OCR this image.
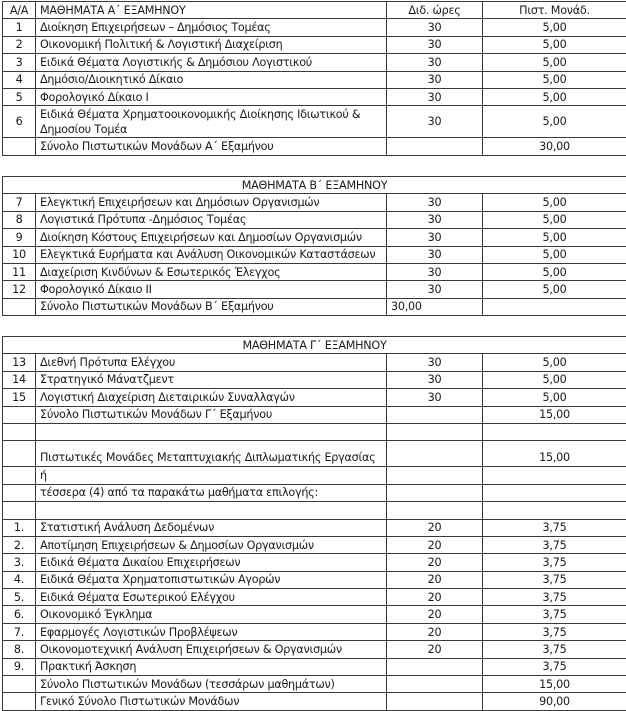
Α/Α	ΜΑΘΗΜΑΤΑ Α΄ ΕΞΑΜΗΝΟΥ	Διδ. ώρες	Πιστ. Μονάδ.
1	Διοίκηση Επιχειρήσεων – Δημόσιος Τομέας	30	5,00
2	Οικονομική Πολιτική & Λογιστική Διαχείριση	30	5,00
3	Ειδικά Θέματα Λογιστικής & Δημόσιου Λογιστικού	30	5,00
4	Δημόσιο/Διοικητικό Δίκαιο	30	5,00
5	Φορολογικό Δίκαιο Ι	30	5,00
6	Ειδικά Θέματα Χρηματοοικονομικής Διοίκησης Ιδιωτικού & Δημοσίου Τομέα	30	5,00
	Σύνολο Πιστωτικών Μονάδων Α΄ Εξαμήνου		30,00
ΜΑΘΗΜΑΤΑ Β΄ ΕΞΑΜΗΝΟΥ			
7	Ελεγκτική Επιχειρήσεων και Δημόσιων Οργανισμών	30	5,00
8	Λογιστικά Πρότυπα -Δημόσιος Τομέας	30	5,00
9	Διοίκηση Κόστους Επιχειρήσεων και Δημοσίων Οργανισμών	30	5,00
10	Ελεγκτικά Ευρήματα και Ανάλυση Οικονομικών Καταστάσεων	30	5,00
11	Διαχείριση Κινδύνων & Εσωτερικός Έλεγχος	30	5,00
12	Φορολογικό Δίκαιο ΙΙ	30	5,00
	Σύνολο Πιστωτικών Μονάδων Β΄ Εξαμήνου	30,00	
ΜΑΘΗΜΑΤΑ Γ΄ ΕΞΑΜΗΝΟΥ			
13	Διεθνή Πρότυπα Ελέγχου	30	5,00
14	Στρατηγικό Μάνατζμεντ	30	5,00
15	Λογιστική Διαχείριση Διεταιρικών Συναλλαγών	30	5,00
	Σύνολο Πιστωτικών Μονάδων Γ΄ Εξαμήνου		15,00

	Πιστωτικές Μονάδες Μεταπτυχιακής Διπλωματικής Εργασίας		15,00
	ή		
	τέσσερα (4) από τα παρακάτω μαθήματα επιλογής:		

1.	Στατιστική Ανάλυση Δεδομένων	20	3,75
2.	Αποτίμηση Επιχειρήσεων & Δημοσίων Οργανισμών	20	3,75
3.	Ειδικά Θέματα Δικαίου Επιχειρήσεων	20	3,75
4.	Ειδικά Θέματα Χρηματοπιστωτικών Αγορών	20	3,75
5.	Ειδικά Θέματα Εσωτερικού Ελέγχου	20	3,75
6.	Οικονομικό Έγκλημα	20	3,75
7.	Εφαρμογές Λογιστικών Προβλέψεων	20	3,75
8.	Οικονομοτεχνική Ανάλυση Επιχειρήσεων & Οργανισμών	20	3,75
9.	Πρακτική Άσκηση		3,75
	Σύνολο Πιστωτικών Μονάδων (τεσσάρων μαθημάτων)		15,00
	Γενικό Σύνολο Πιστωτικών Μονάδων		90,00
